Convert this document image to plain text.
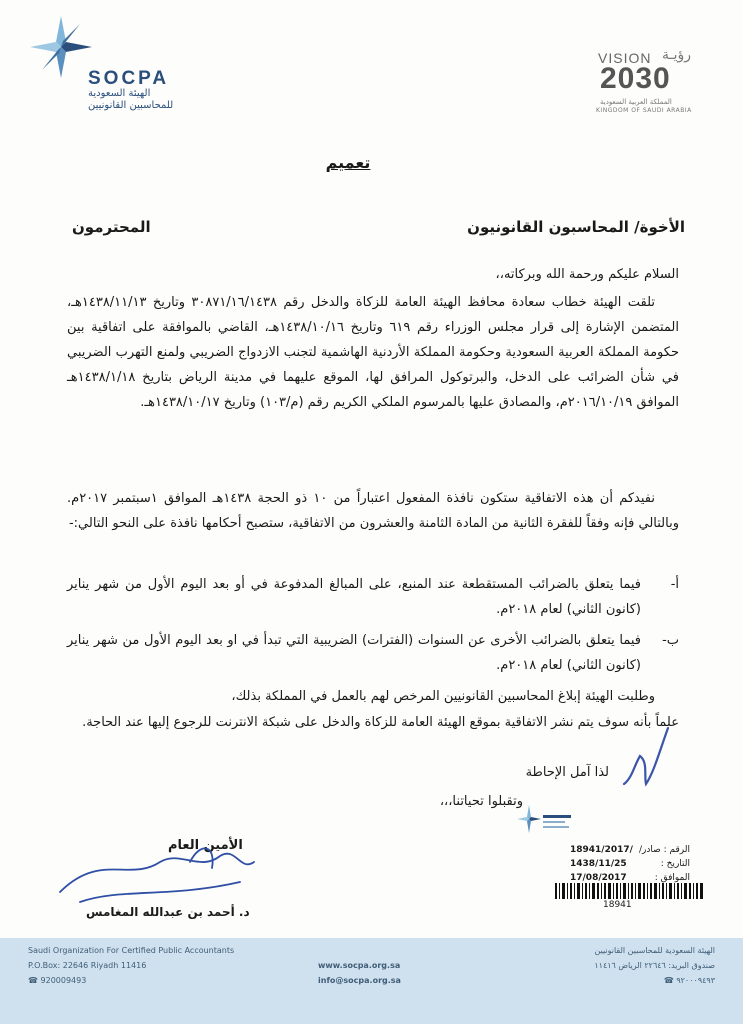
SOCPA
الهيئة السعودية
للمحاسبين القانونيين
VISION رؤيـة
2030
المملكة العربية السعودية
KINGDOM OF SAUDI ARABIA
تعميم
الأخوة/ المحاسبون القانونيون
المحترمون
السلام عليكم ورحمة الله وبركاته،،
تلقت الهيئة خطاب سعادة محافظ الهيئة العامة للزكاة والدخل رقم ٣٠٨٧١/١٦/١٤٣٨ وتاريخ ١٤٣٨/١١/١٣هـ، المتضمن الإشارة إلى قرار مجلس الوزراء رقم ٦١٩ وتاريخ ١٤٣٨/١٠/١٦هـ، القاضي بالموافقة على اتفاقية بين حكومة المملكة العربية السعودية وحكومة المملكة الأردنية الهاشمية لتجنب الازدواج الضريبي ولمنع التهرب الضريبي في شأن الضرائب على الدخل، والبرتوكول المرافق لها، الموقع عليهما في مدينة الرياض بتاريخ ١٤٣٨/١/١٨هـ الموافق ٢٠١٦/١٠/١٩م، والمصادق عليها بالمرسوم الملكي الكريم رقم (م/١٠٣) وتاريخ ١٤٣٨/١٠/١٧هـ.
نفيدكم أن هذه الاتفاقية ستكون نافذة المفعول اعتباراً من ١٠ ذو الحجة ١٤٣٨هـ الموافق ١سبتمبر ٢٠١٧م. وبالتالي فإنه وفقاً للفقرة الثانية من المادة الثامنة والعشرون من الاتفاقية، ستصبح أحكامها نافذة على النحو التالي:-
أ-
فيما يتعلق بالضرائب المستقطعة عند المنبع، على المبالغ المدفوعة في أو بعد اليوم الأول من شهر يناير (كانون الثاني) لعام ٢٠١٨م.
ب-
فيما يتعلق بالضرائب الأخرى عن السنوات (الفترات) الضريبية التي تبدأ في او بعد اليوم الأول من شهر يناير (كانون الثاني) لعام ٢٠١٨م.
وطلبت الهيئة إبلاغ المحاسبين القانونيين المرخص لهم بالعمل في المملكة بذلك،
علماً بأنه سوف يتم نشر الاتفاقية بموقع الهيئة العامة للزكاة والدخل على شبكة الانترنت للرجوع إليها عند الحاجة.
لذا آمل الإحاطة
وتقبلوا تحياتنا،،،
الأمين العام
د. أحمد بن عبدالله المغامس
18941/2017/ الرقم : صادر/
1438/11/25	التاريخ :
17/08/2017	الموافق :
18941
Saudi Organization For Certified Public Accountants
P.O.Box: 22646 Riyadh 11416
☎ 920009493
www.socpa.org.sa
info@socpa.org.sa
الهيئة السعودية للمحاسبين القانونيين
صندوق البريد: ٢٢٦٤٦ الرياض ١١٤١٦
٩٢٠٠٠٩٤٩٣ ☎
